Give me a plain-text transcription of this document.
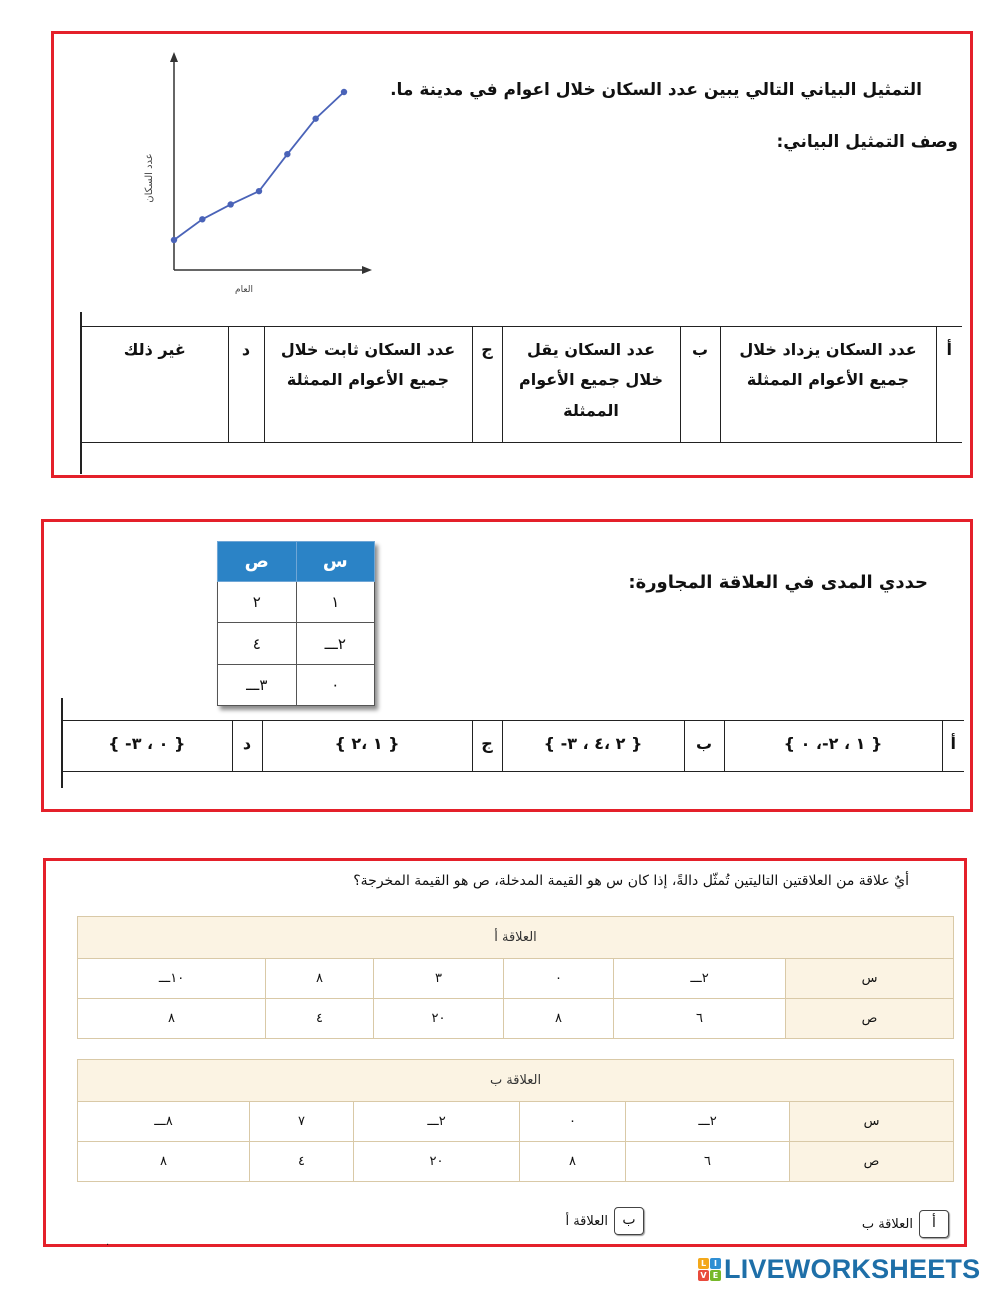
عدد السكان
العام
التمثيل البياني التالي يبين عدد السكان خلال اعوام في مدينة ما.
وصف التمثيل البياني:
أ	عدد السكان يزداد خلال جميع الأعوام الممثلة	ب	عدد السكان يقل خلال جميع الأعوام الممثلة	ج	عدد السكان ثابت خلال جميع الأعوام الممثلة	د	غير ذلك
حددي المدى في العلاقة المجاورة:
س	ص
١	٢
٢ـــ	٤
٠	٣ـــ
أ	{ ١ ، ٢-، ٠ }	ب	{ ٢ ،٤ ، ٣- }	ج	{ ١ ،٢ }	د	{ ٠ ، ٣- }
أيٌ علاقة من العلاقتين التاليتين تُمثّل دالةً، إذا كان س هو القيمة المدخلة، ص هو القيمة المخرجة؟
العلاقة أ					
س	٢ـــ	٠	٣	٨	١٠ـــ
ص	٦	٨	٢٠	٤	٨
العلاقة ب					
س	٢ـــ	٠	٢ـــ	٧	٨ـــ
ص	٦	٨	٢٠	٤	٨
أ
العلاقة ب
ب
العلاقة أ
.
L I
V E LIVEWORKSHEETS
